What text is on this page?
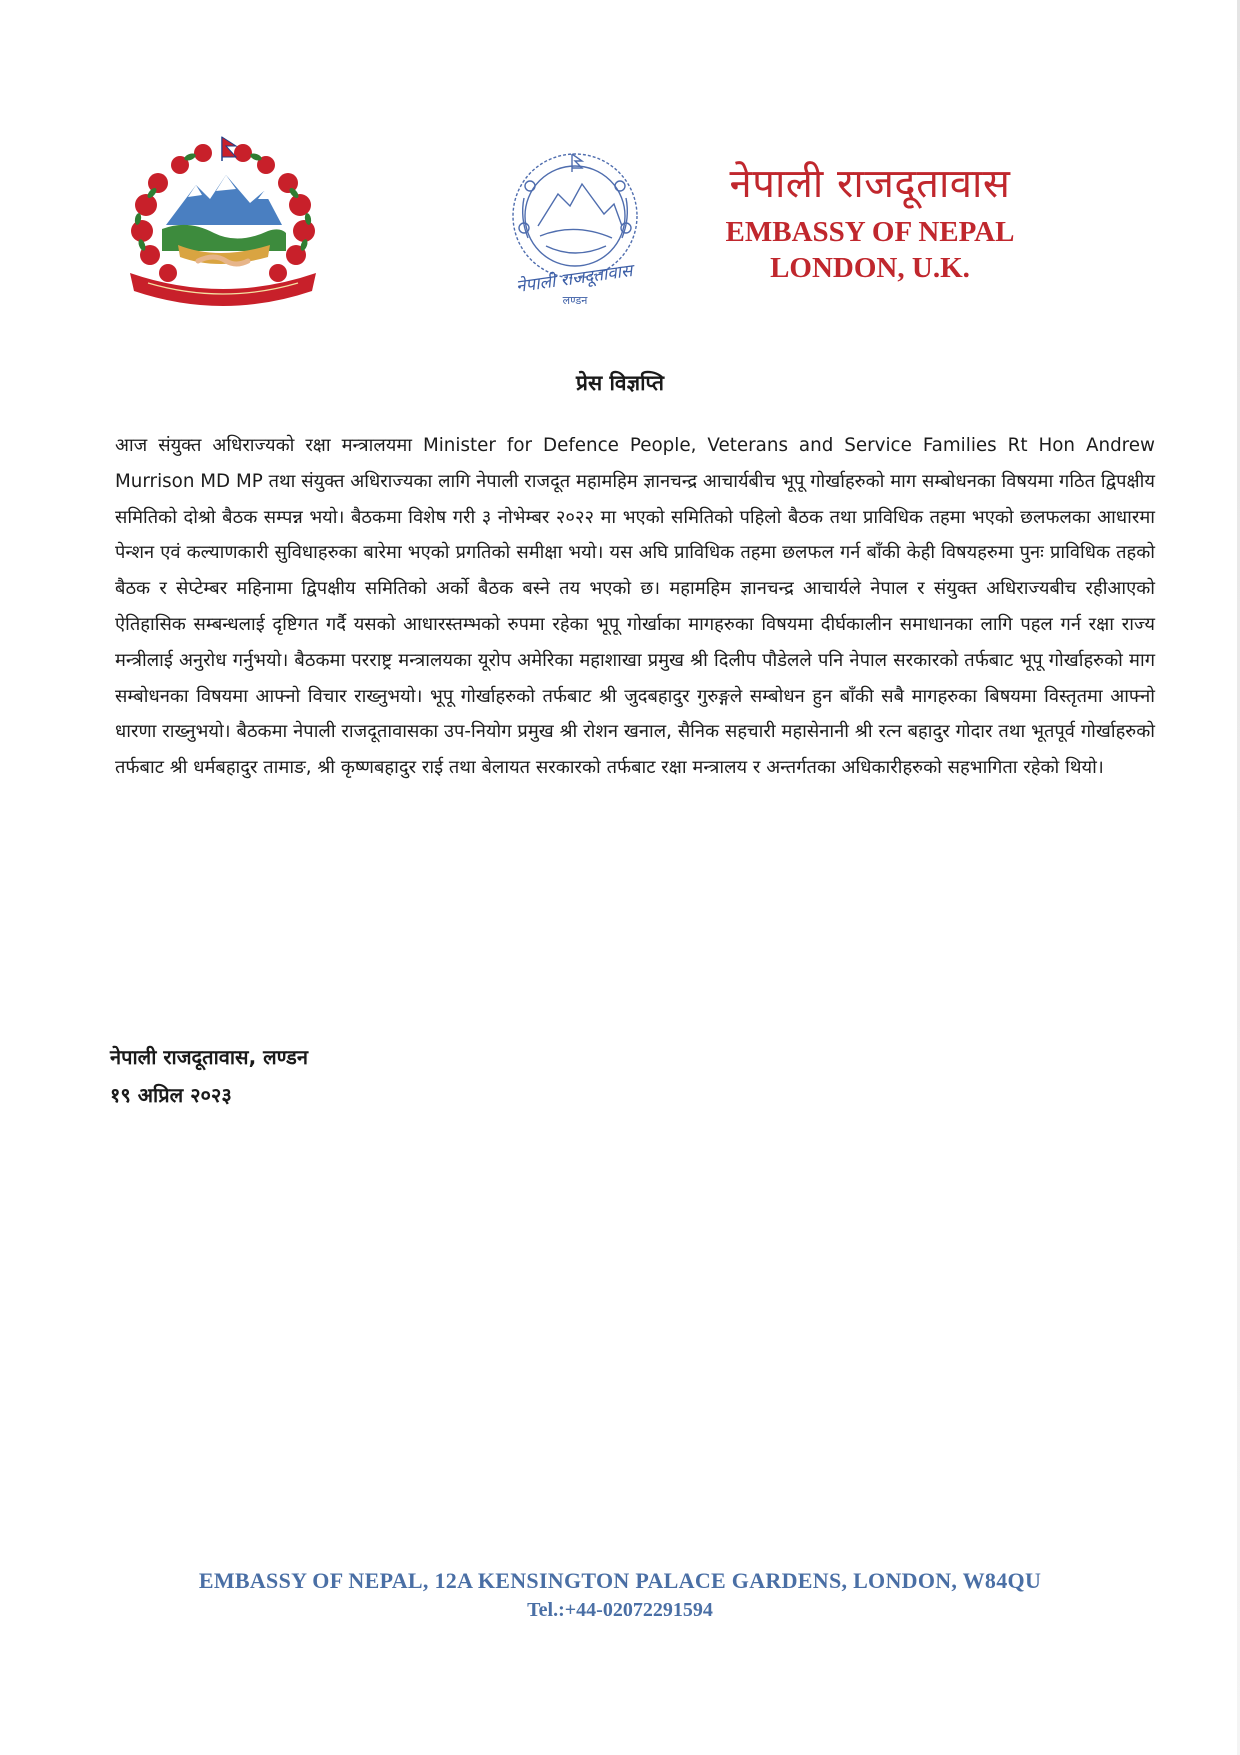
नेपाली राजदूतावास
लण्डन
नेपाली राजदूतावास
EMBASSY OF NEPAL
LONDON, U.K.
प्रेस विज्ञप्ति
आज संयुक्त अधिराज्यको रक्षा मन्त्रालयमा Minister for Defence People, Veterans and Service Families Rt Hon Andrew Murrison MD MP तथा संयुक्त अधिराज्यका लागि नेपाली राजदूत महामहिम ज्ञानचन्द्र आचार्यबीच भूपू गोर्खाहरुको माग सम्बोधनका विषयमा गठित द्विपक्षीय समितिको दोश्रो बैठक सम्पन्न भयो। बैठकमा विशेष गरी ३ नोभेम्बर २०२२ मा भएको समितिको पहिलो बैठक तथा प्राविधिक तहमा भएको छलफलका आधारमा पेन्शन एवं कल्याणकारी सुविधाहरुका बारेमा भएको प्रगतिको समीक्षा भयो। यस अघि प्राविधिक तहमा छलफल गर्न बाँकी केही विषयहरुमा पुनः प्राविधिक तहको बैठक र सेप्टेम्बर महिनामा द्विपक्षीय समितिको अर्को बैठक बस्ने तय भएको छ। महामहिम ज्ञानचन्द्र आचार्यले नेपाल र संयुक्त अधिराज्यबीच रहीआएको ऐतिहासिक सम्बन्धलाई दृष्टिगत गर्दै यसको आधारस्तम्भको रुपमा रहेका भूपू गोर्खाका मागहरुका विषयमा दीर्घकालीन समाधानका लागि पहल गर्न रक्षा राज्य मन्त्रीलाई अनुरोध गर्नुभयो। बैठकमा परराष्ट्र मन्त्रालयका यूरोप अमेरिका महाशाखा प्रमुख श्री दिलीप पौडेलले पनि नेपाल सरकारको तर्फबाट भूपू गोर्खाहरुको माग सम्बोधनका विषयमा आफ्नो विचार राख्नुभयो। भूपू गोर्खाहरुको तर्फबाट श्री जुदबहादुर गुरुङ्गले सम्बोधन हुन बाँकी सबै मागहरुका बिषयमा विस्तृतमा आफ्नो धारणा राख्नुभयो। बैठकमा नेपाली राजदूतावासका उप-नियोग प्रमुख श्री रोशन खनाल, सैनिक सहचारी महासेनानी श्री रत्न बहादुर गोदार तथा भूतपूर्व गोर्खाहरुको तर्फबाट श्री धर्मबहादुर तामाङ, श्री कृष्णबहादुर राई तथा बेलायत सरकारको तर्फबाट रक्षा मन्त्रालय र अन्तर्गतका अधिकारीहरुको सहभागिता रहेको थियो।
नेपाली राजदूतावास, लण्डन
१९ अप्रिल २०२३
EMBASSY OF NEPAL, 12A KENSINGTON PALACE GARDENS, LONDON, W84QU
Tel.:+44-02072291594
